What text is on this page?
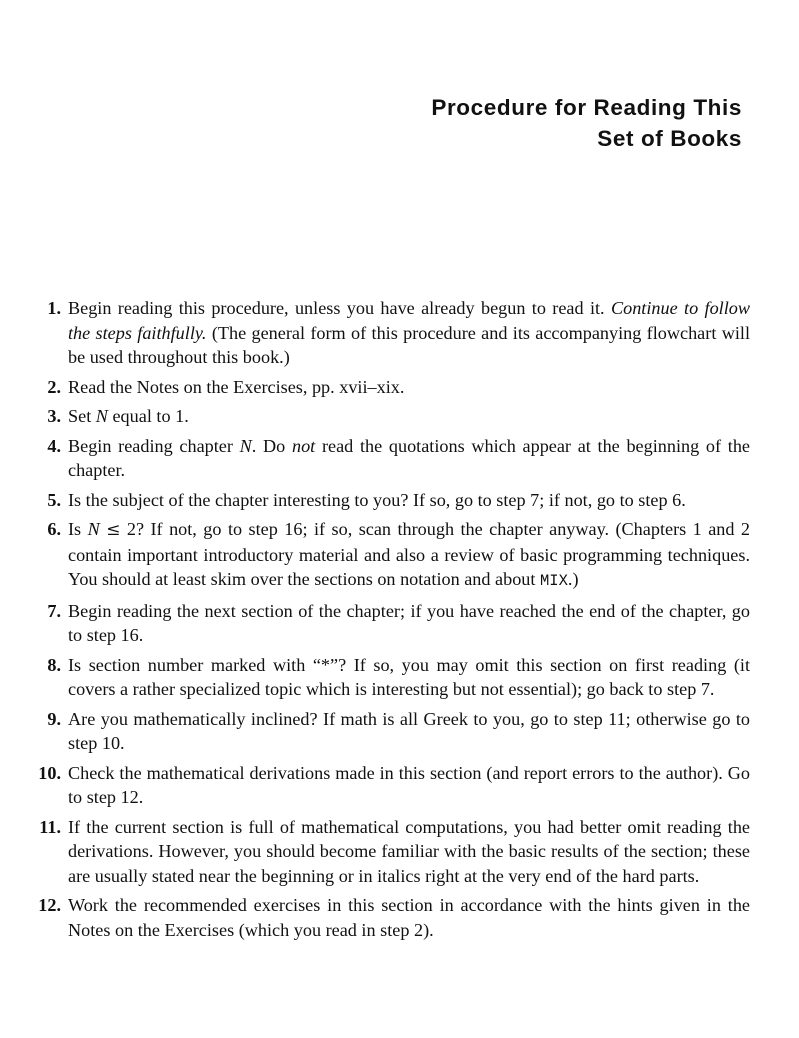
Procedure for Reading This
Set of Books
1. Begin reading this procedure, unless you have already begun to read it. Continue to follow the steps faithfully. (The general form of this procedure and its accompanying flowchart will be used throughout this book.)
2. Read the Notes on the Exercises, pp. xvii–xix.
3. Set N equal to 1.
4. Begin reading chapter N. Do not read the quotations which appear at the beginning of the chapter.
5. Is the subject of the chapter interesting to you? If so, go to step 7; if not, go to step 6.
6. Is N ≤ 2? If not, go to step 16; if so, scan through the chapter anyway. (Chapters 1 and 2 contain important introductory material and also a review of basic programming techniques. You should at least skim over the sections on notation and about MIX.)
7. Begin reading the next section of the chapter; if you have reached the end of the chapter, go to step 16.
8. Is section number marked with “*”? If so, you may omit this section on first reading (it covers a rather specialized topic which is interesting but not essential); go back to step 7.
9. Are you mathematically inclined? If math is all Greek to you, go to step 11; otherwise go to step 10.
10. Check the mathematical derivations made in this section (and report errors to the author). Go to step 12.
11. If the current section is full of mathematical computations, you had better omit reading the derivations. However, you should become familiar with the basic results of the section; these are usually stated near the beginning or in italics right at the very end of the hard parts.
12. Work the recommended exercises in this section in accordance with the hints given in the Notes on the Exercises (which you read in step 2).
